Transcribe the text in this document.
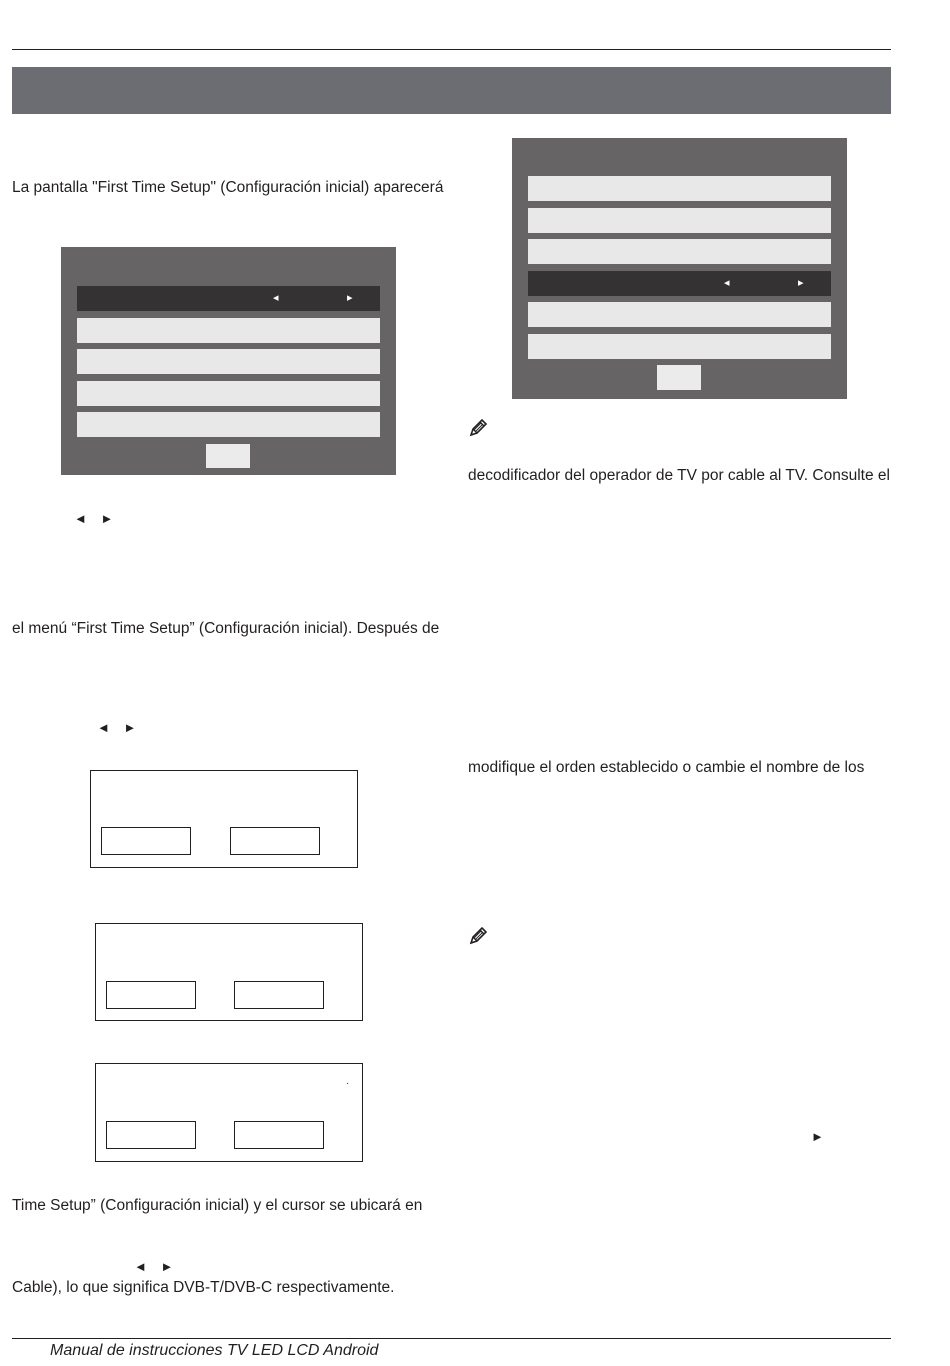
La pantalla "First Time Setup" (Configuración inicial) aparecerá
◂	▸
◄ ►
el menú “First Time Setup” (Configuración inicial). Después de
◄ ►
·
Time Setup” (Configuración inicial) y el cursor se ubicará en
◄ ►
Cable), lo que significa DVB-T/DVB-C respectivamente.
◂	▸
decodificador del operador de TV por cable al TV. Consulte el
modifique el orden establecido o cambie el nombre de los
►
Manual de instrucciones TV LED LCD Android
